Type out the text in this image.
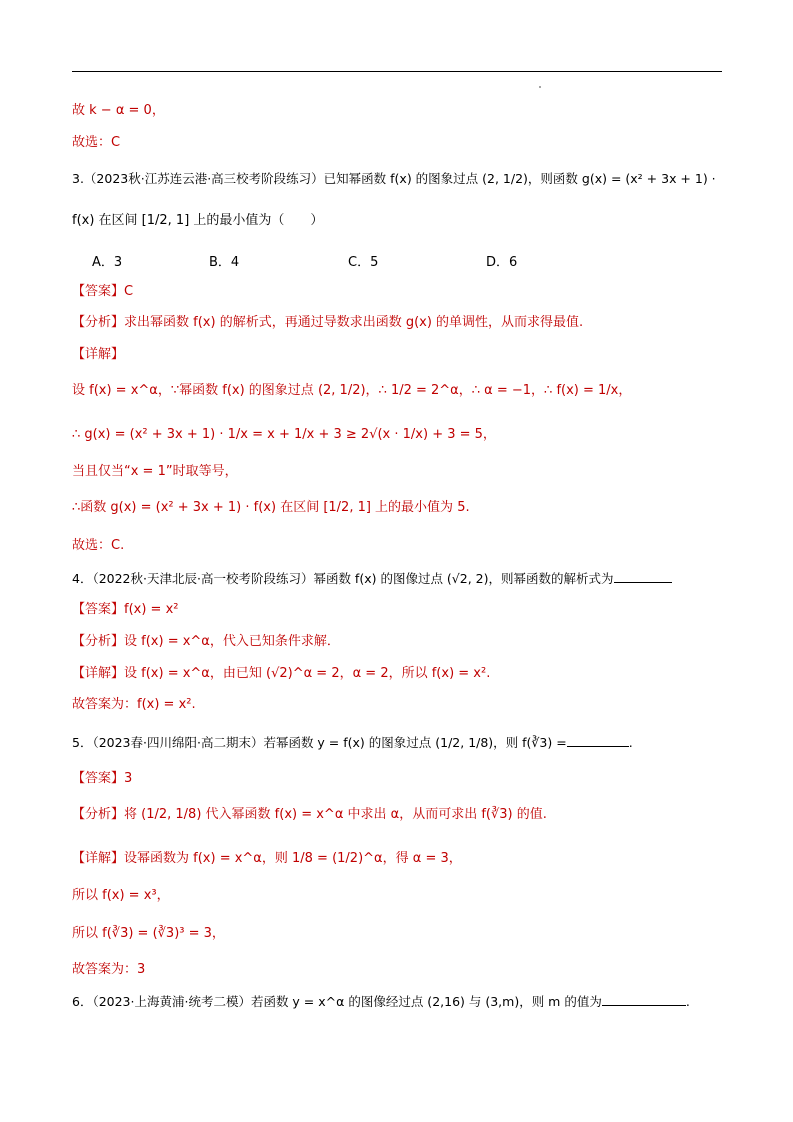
故 k − α = 0，
故选：C
3.（2023秋·江苏连云港·高三校考阶段练习）已知幂函数 f(x) 的图象过点 (2, 1/2)，则函数 g(x) = (x² + 3x + 1) ·
f(x) 在区间 [1/2, 1] 上的最小值为（　　）
A．3	B．4	C．5	D．6
【答案】C
【分析】求出幂函数 f(x) 的解析式，再通过导数求出函数 g(x) 的单调性，从而求得最值.
【详解】
设 f(x) = x^α，∵幂函数 f(x) 的图象过点 (2, 1/2)，∴ 1/2 = 2^α，∴ α = −1，∴ f(x) = 1/x，
∴ g(x) = (x² + 3x + 1) · 1/x = x + 1/x + 3 ≥ 2√(x · 1/x) + 3 = 5，
当且仅当“x = 1”时取等号，
∴函数 g(x) = (x² + 3x + 1) · f(x) 在区间 [1/2, 1] 上的最小值为 5.
故选：C.
4．（2022秋·天津北辰·高一校考阶段练习）幂函数 f(x) 的图像过点 (√2, 2)，则幂函数的解析式为
【答案】f(x) = x²
【分析】设 f(x) = x^α，代入已知条件求解．
【详解】设 f(x) = x^α，由已知 (√2)^α = 2，α = 2，所以 f(x) = x².
故答案为：f(x) = x².
5．（2023春·四川绵阳·高二期末）若幂函数 y = f(x) 的图象过点 (1/2, 1/8)，则 f(∛3) =	.
【答案】3
【分析】将 (1/2, 1/8) 代入幂函数 f(x) = x^α 中求出 α，从而可求出 f(∛3) 的值.
【详解】设幂函数为 f(x) = x^α，则 1/8 = (1/2)^α，得 α = 3，
所以 f(x) = x³，
所以 f(∛3) = (∛3)³ = 3，
故答案为：3
6．（2023·上海黄浦·统考二模）若函数 y = x^α 的图像经过点 (2,16) 与 (3,m)，则 m 的值为	.
